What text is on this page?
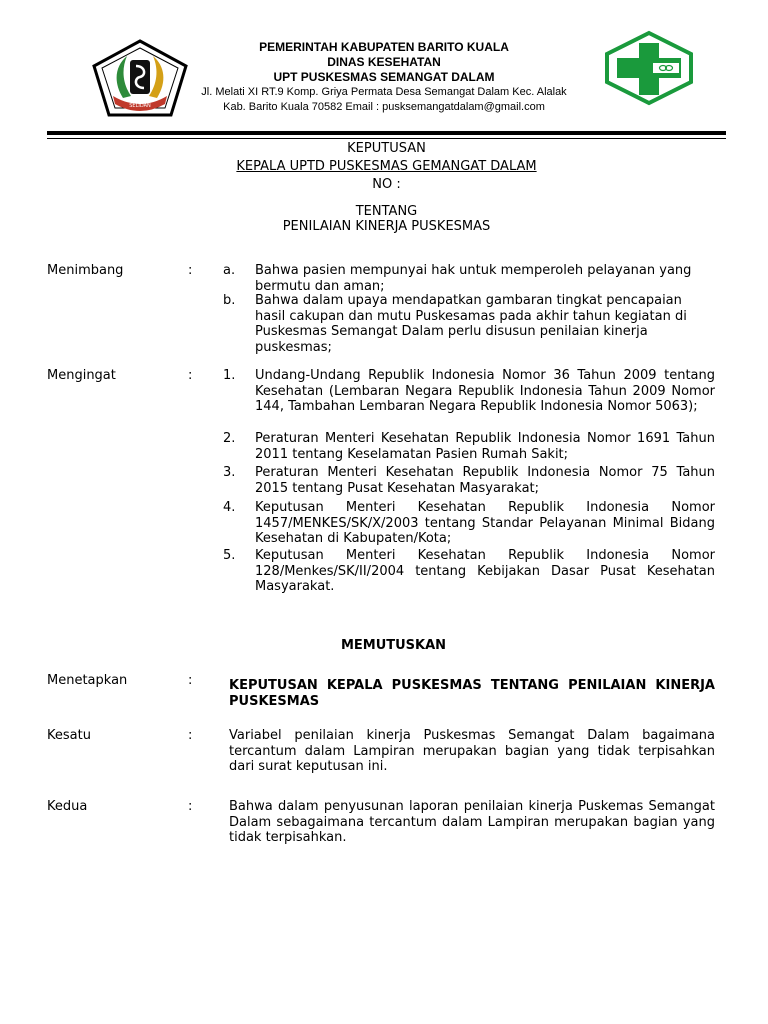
SELIDAN
PEMERINTAH KABUPATEN BARITO KUALA
DINAS KESEHATAN
UPT PUSKESMAS SEMANGAT DALAM
Jl. Melati XI RT.9 Komp. Griya Permata Desa Semangat Dalam Kec. Alalak
Kab. Barito Kuala 70582 Email : pusksemangatdalam@gmail.com
KEPUTUSAN
KEPALA UPTD PUSKESMAS GEMANGAT DALAM
NO :
TENTANG
PENILAIAN KINERJA PUSKESMAS
Menimbang	: a. Bahwa pasien mempunyai hak untuk memperoleh pelayanan yang bermutu dan aman;
b. Bahwa dalam upaya mendapatkan gambaran tingkat pencapaian hasil cakupan dan mutu Puskesamas pada akhir tahun kegiatan di Puskesmas Semangat Dalam perlu disusun penilaian kinerja puskesmas;
Mengingat	: 1. Undang-Undang Republik Indonesia Nomor 36 Tahun 2009 tentang Kesehatan (Lembaran Negara Republik Indonesia Tahun 2009 Nomor 144, Tambahan Lembaran Negara Republik Indonesia Nomor 5063);
2. Peraturan Menteri Kesehatan Republik Indonesia Nomor 1691 Tahun 2011 tentang Keselamatan Pasien Rumah Sakit;
3. Peraturan Menteri Kesehatan Republik Indonesia Nomor 75 Tahun 2015 tentang Pusat Kesehatan Masyarakat;
4. Keputusan Menteri Kesehatan Republik Indonesia Nomor 1457/MENKES/SK/X/2003 tentang Standar Pelayanan Minimal Bidang Kesehatan di Kabupaten/Kota;
5. Keputusan Menteri Kesehatan Republik Indonesia Nomor 128/Menkes/SK/II/2004 tentang Kebijakan Dasar Pusat Kesehatan Masyarakat.
MEMUTUSKAN
Menetapkan	:	KEPUTUSAN KEPALA PUSKESMAS TENTANG PENILAIAN KINERJA PUSKESMAS
Kesatu	:	Variabel penilaian kinerja Puskesmas Semangat Dalam bagaimana tercantum dalam Lampiran merupakan bagian yang tidak terpisahkan dari surat keputusan ini.
Kedua	:	Bahwa dalam penyusunan laporan penilaian kinerja Puskemas Semangat Dalam sebagaimana tercantum dalam Lampiran merupakan bagian yang tidak terpisahkan.
